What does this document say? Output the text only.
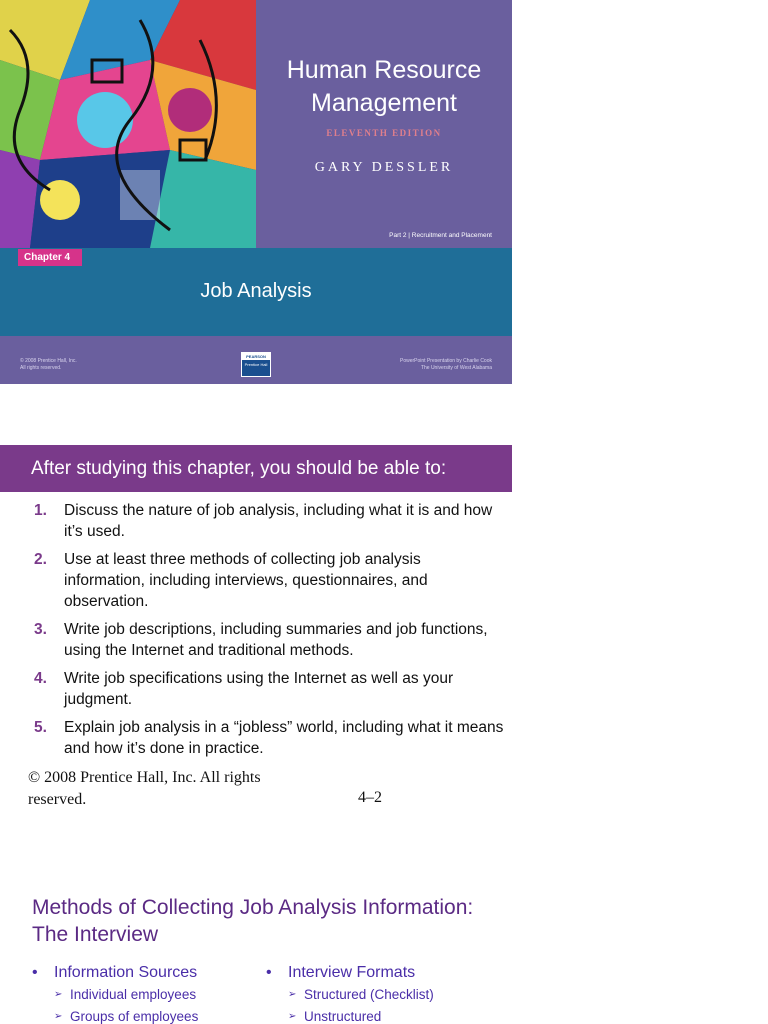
Human Resource
Management
ELEVENTH EDITION
GARY DESSLER
Part 2 | Recruitment and Placement
Chapter 4
Job Analysis
© 2008 Prentice Hall, Inc.
All rights reserved.
PEARSON
Prentice Hall
PowerPoint Presentation by Charlie Cook
The University of West Alabama
After studying this chapter, you should be able to:
1.	Discuss the nature of job analysis, including what it is and how it’s used.
2.	Use at least three methods of collecting job analysis information, including interviews, questionnaires, and observation.
3.	Write job descriptions, including summaries and job functions, using the Internet and traditional methods.
4.	Write job specifications using the Internet as well as your judgment.
5.	Explain job analysis in a “jobless” world, including what it means and how it’s done in practice.
© 2008 Prentice Hall, Inc. All rights reserved.	4–2
Methods of Collecting Job Analysis Information: The Interview
•	Information Sources
➢ Individual employees
➢ Groups of employees
•	Interview Formats
➢ Structured (Checklist)
➢ Unstructured
